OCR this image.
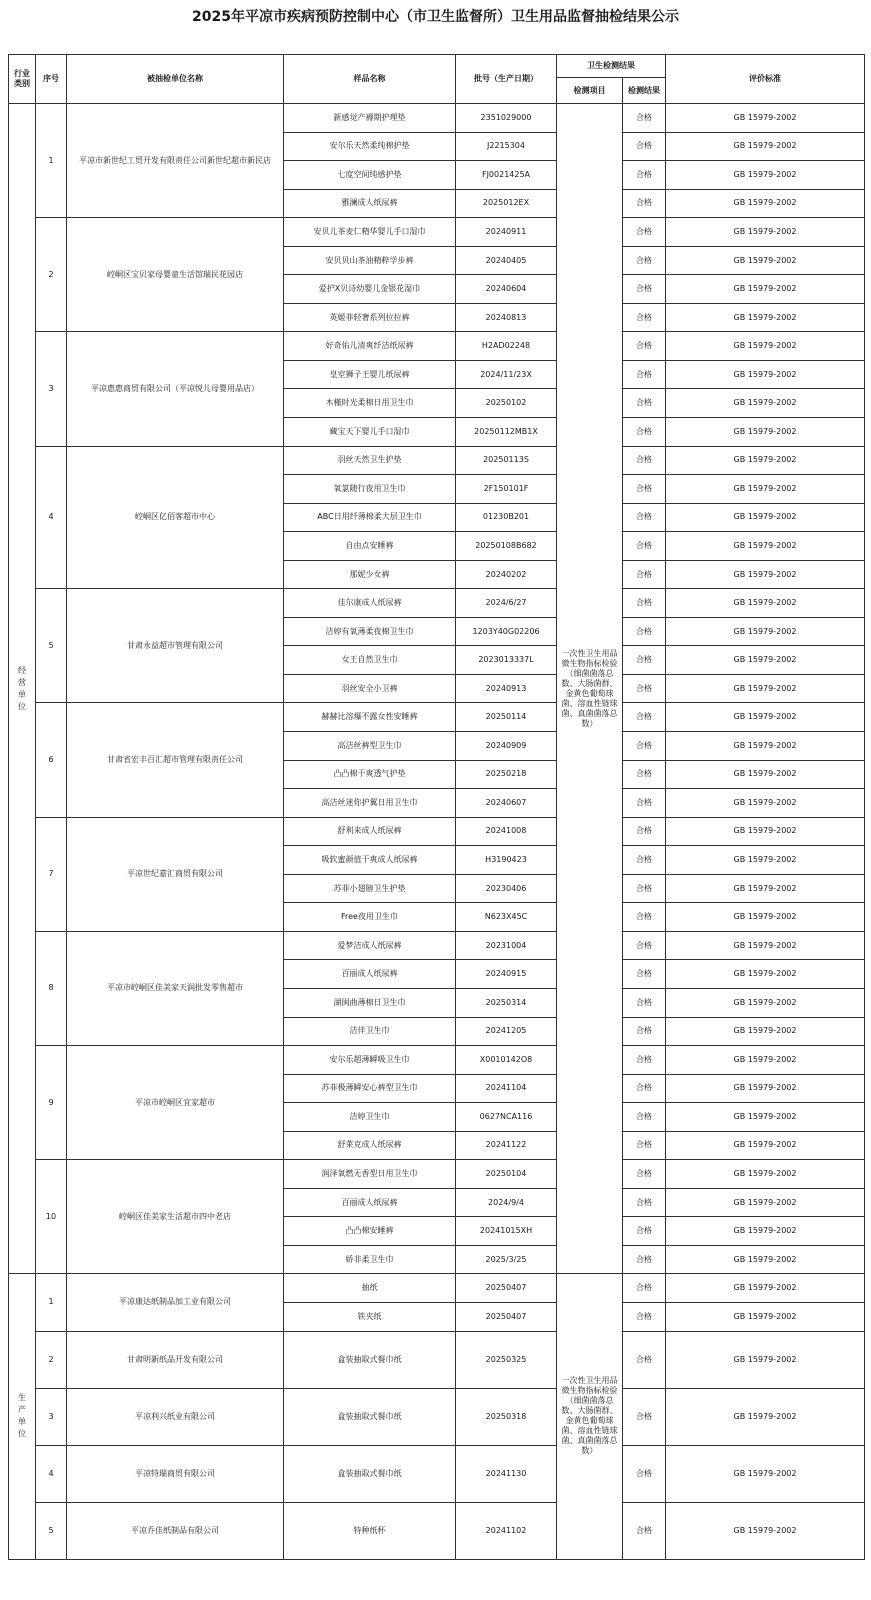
2025年平凉市疾病预防控制中心（市卫生监督所）卫生用品监督抽检结果公示
行业类别	序号	被抽检单位名称	样品名称	批号（生产日期）	卫生检测结果		评价标准
					检测项目	检测结果	

经营单位	1	平凉市新世纪工贸开发有限责任公司新世纪超市新民店	新感觉产褥期护理垫	2351029000	一次性卫生用品微生物指标检验（细菌菌落总数、大肠菌群、金黄色葡萄球菌、溶血性链球菌、真菌菌落总数）	合格	GB 15979-2002
			安尔乐天然柔纯棉护垫	J2215304		合格	GB 15979-2002
			七度空间纯感护垫	FJ0021425A		合格	GB 15979-2002
			雅澜成人纸尿裤	2025012EX		合格	GB 15979-2002
	2	崆峒区宝贝家母婴童生活馆瑞民花园店	安贝儿茶麦仁精华婴儿手口湿巾	20240911		合格	GB 15979-2002
			安贝贝山茶油精粹学步裤	20240405		合格	GB 15979-2002
			爱护X贝诗幼婴儿金银花湿巾	20240604		合格	GB 15979-2002
			英姬菲轻奢系列拉拉裤	20240813		合格	GB 15979-2002
	3	平凉惠惠商贸有限公司（平凉悦儿母婴用品店）	好奇佑儿清爽纤洁纸尿裤	H2AD02248		合格	GB 15979-2002
			皇室狮子王婴儿纸尿裤	2024/11/23X		合格	GB 15979-2002
			木槿时光柔棉日用卫生巾	20250102		合格	GB 15979-2002
			藏宝天下婴儿手口湿巾	20250112MB1X		合格	GB 15979-2002
	4	崆峒区亿佰客超市中心	羽丝天然卫生护垫	20250113S		合格	GB 15979-2002
			氧氯随行夜用卫生巾	2F150101F		合格	GB 15979-2002
			ABC日用纤薄棉柔大层卫生巾	01230B201		合格	GB 15979-2002
			自由点安睡裤	20250108B682		合格	GB 15979-2002
			那妮少女裤	20240202		合格	GB 15979-2002
	5	甘肃永益超市管理有限公司	佳尔康成人纸尿裤	2024/6/27		合格	GB 15979-2002
			洁婷有氧薄柔夜棉卫生巾	1203Y40G02206		合格	GB 15979-2002
			女王自然卫生巾	2023013337L		合格	GB 15979-2002
			羽丝安全小卫裤	20240913		合格	GB 15979-2002
	6	甘肃省宏丰百汇超市管理有限责任公司	赫赫比溶爆不露女性安睡裤	20250114		合格	GB 15979-2002
			高洁丝裤型卫生巾	20240909		合格	GB 15979-2002
			凸凸棉干爽透气护垫	20250218		合格	GB 15979-2002
			高洁丝迷你护翼日用卫生巾	20240607		合格	GB 15979-2002
	7	平凉世纪嘉汇商贸有限公司	舒利来成人纸尿裤	20241008		合格	GB 15979-2002
			吸软蜜颜值干爽成人纸尿裤	H3190423		合格	GB 15979-2002
			苏菲小翅膀卫生护垫	20230406		合格	GB 15979-2002
			Free夜用卫生巾	N623X45C		合格	GB 15979-2002
	8	平凉市崆峒区佳美家天润批发零售超市	爱梦洁成人纸尿裤	20231004		合格	GB 15979-2002
			百丽成人纸尿裤	20240915		合格	GB 15979-2002
			湖闽曲薄棉日卫生巾	20250314		合格	GB 15979-2002
			洁伴卫生巾	20241205		合格	GB 15979-2002
	9	平凉市崆峒区宜家超市	安尔乐超薄瞬吸卫生巾	X0010142O8		合格	GB 15979-2002
			苏菲极薄瞬安心裤型卫生巾	20241104		合格	GB 15979-2002
			洁婷卫生巾	0627NCA116		合格	GB 15979-2002
			舒莱克成人纸尿裤	20241122		合格	GB 15979-2002
	10	崆峒区佳美家生活超市四中老店	润泽氧燃无香型日用卫生巾	20250104		合格	GB 15979-2002
			百丽成人纸尿裤	2024/9/4		合格	GB 15979-2002
			凸凸棉安睡裤	20241015XH		合格	GB 15979-2002
			娇非柔卫生巾	2025/3/25		合格	GB 15979-2002

生产单位	1	平凉康达纸制品加工业有限公司	抽纸	20250407	一次性卫生用品微生物指标检验（细菌菌落总数、大肠菌群、金黄色葡萄球菌、溶血性链球菌、真菌菌落总数）	合格	GB 15979-2002
			铁夹纸	20250407		合格	GB 15979-2002
	2	甘肃明新纸品开发有限公司	盒装抽取式餐巾纸	20250325		合格	GB 15979-2002
	3	平凉利兴纸业有限公司	盒装抽取式餐巾纸	20250318		合格	GB 15979-2002
	4	平凉特瑞商贸有限公司	盒装抽取式餐巾纸	20241130		合格	GB 15979-2002
	5	平凉乔佳纸制品有限公司	特种纸杯	20241102		合格	GB 15979-2002
